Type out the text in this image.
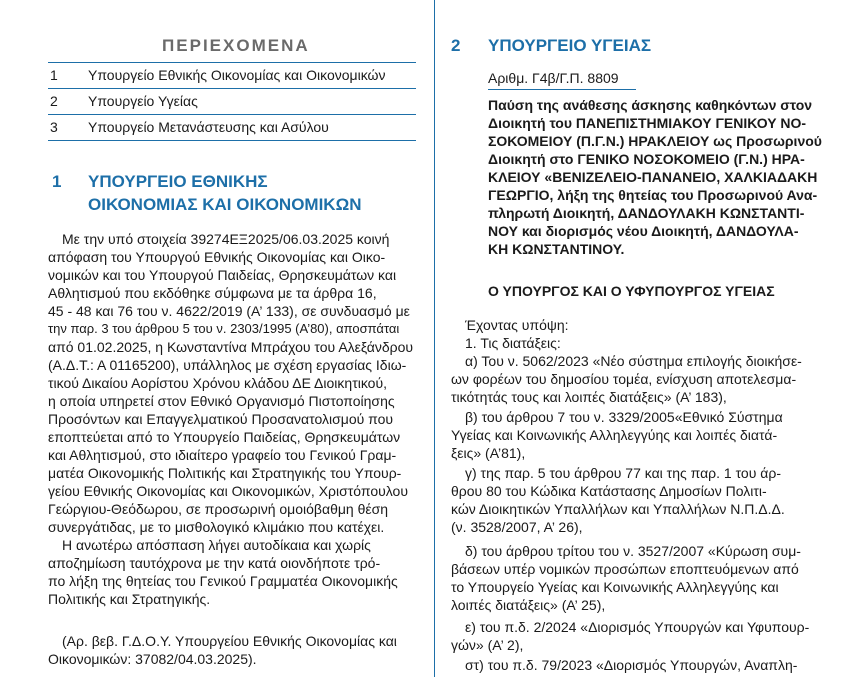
ΠΕΡΙΕΧΟΜΕΝΑ
1 Υπουργείο Εθνικής Οικονομίας και Οικονομικών
2 Υπουργείο Υγείας
3 Υπουργείο Μετανάστευσης και Ασύλου
1 ΥΠΟΥΡΓΕΙΟ ΕΘΝΙΚΗΣ
ΟΙΚΟΝΟΜΙΑΣ ΚΑΙ ΟΙΚΟΝΟΜΙΚΩΝ
Με την υπό στοιχεία 39274ΕΞ2025/06.03.2025 κοινή
απόφαση του Υπουργού Εθνικής Οικονομίας και Οικο-
νομικών και του Υπουργού Παιδείας, Θρησκευμάτων και
Αθλητισμού που εκδόθηκε σύμφωνα με τα άρθρα 16,
45 - 48 και 76 του ν. 4622/2019 (Α’ 133), σε συνδυασμό με
την παρ. 3 του άρθρου 5 του ν. 2303/1995 (Α’80), αποσπάται
από 01.02.2025, η Κωνσταντίνα Μπράχου του Αλεξάνδρου
(Α.Δ.Τ.: Α 01165200), υπάλληλος με σχέση εργασίας Ιδιω-
τικού Δικαίου Αορίστου Χρόνου κλάδου ΔΕ Διοικητικού,
η οποία υπηρετεί στον Εθνικό Οργανισμό Πιστοποίησης
Προσόντων και Επαγγελματικού Προσανατολισμού που
εποπτεύεται από το Υπουργείο Παιδείας, Θρησκευμάτων
και Αθλητισμού, στο ιδιαίτερο γραφείο του Γενικού Γραμ-
ματέα Οικονομικής Πολιτικής και Στρατηγικής του Υπουρ-
γείου Εθνικής Οικονομίας και Οικονομικών, Χριστόπουλου
Γεώργιου-Θεόδωρου, σε προσωρινή ομοιόβαθμη θέση
συνεργάτιδας, με το μισθολογικό κλιμάκιο που κατέχει.
Η ανωτέρω απόσπαση λήγει αυτοδίκαια και χωρίς
αποζημίωση ταυτόχρονα με την κατά οιονδήποτε τρό-
πο λήξη της θητείας του Γενικού Γραμματέα Οικονομικής
Πολιτικής και Στρατηγικής.
(Αρ. βεβ. Γ.Δ.Ο.Υ. Υπουργείου Εθνικής Οικονομίας και
Οικονομικών: 37082/04.03.2025).
2 ΥΠΟΥΡΓΕΙΟ ΥΓΕΙΑΣ
Αριθμ. Γ4β/Γ.Π. 8809
Παύση της ανάθεσης άσκησης καθηκόντων στον
Διοικητή του ΠΑΝΕΠΙΣΤΗΜΙΑΚΟΥ ΓΕΝΙΚΟΥ ΝΟ-
ΣΟΚΟΜΕΙΟΥ (Π.Γ.Ν.) ΗΡΑΚΛΕΙΟΥ ως Προσωρινού
Διοικητή στο ΓΕΝΙΚΟ ΝΟΣΟΚΟΜΕΙΟ (Γ.Ν.) ΗΡΑ-
ΚΛΕΙΟΥ «ΒΕΝΙΖΕΛΕΙΟ-ΠΑΝΑΝΕΙΟ, ΧΑΛΚΙΑΔΑΚΗ
ΓΕΩΡΓΙΟ, λήξη της θητείας του Προσωρινού Ανα-
πληρωτή Διοικητή, ΔΑΝΔΟΥΛΑΚΗ ΚΩΝΣΤΑΝΤΙ-
ΝΟΥ και διορισμός νέου Διοικητή, ΔΑΝΔΟΥΛΑ-
ΚΗ ΚΩΝΣΤΑΝΤΙΝΟΥ.
Ο ΥΠΟΥΡΓΟΣ ΚΑΙ Ο ΥΦΥΠΟΥΡΓΟΣ ΥΓΕΙΑΣ
Έχοντας υπόψη:
1. Τις διατάξεις:
α) Του ν. 5062/2023 «Νέο σύστημα επιλογής διοικήσε-
ων φορέων του δημοσίου τομέα, ενίσχυση αποτελεσμα-
τικότητάς τους και λοιπές διατάξεις» (Α’ 183),
β) του άρθρου 7 του ν. 3329/2005«Εθνικό Σύστημα
Υγείας και Κοινωνικής Αλληλεγγύης και λοιπές διατά-
ξεις» (Α’81),
γ) της παρ. 5 του άρθρου 77 και της παρ. 1 του άρ-
θρου 80 του Κώδικα Κατάστασης Δημοσίων Πολιτι-
κών Διοικητικών Υπαλλήλων και Υπαλλήλων Ν.Π.Δ.Δ.
(ν. 3528/2007, Α’ 26),
δ) του άρθρου τρίτου του ν. 3527/2007 «Κύρωση συμ-
βάσεων υπέρ νομικών προσώπων εποπτευόμενων από
το Υπουργείο Υγείας και Κοινωνικής Αλληλεγγύης και
λοιπές διατάξεις» (Α’ 25),
ε) του π.δ. 2/2024 «Διορισμός Υπουργών και Υφυπουρ-
γών» (Α’ 2),
στ) του π.δ. 79/2023 «Διορισμός Υπουργών, Αναπλη-
